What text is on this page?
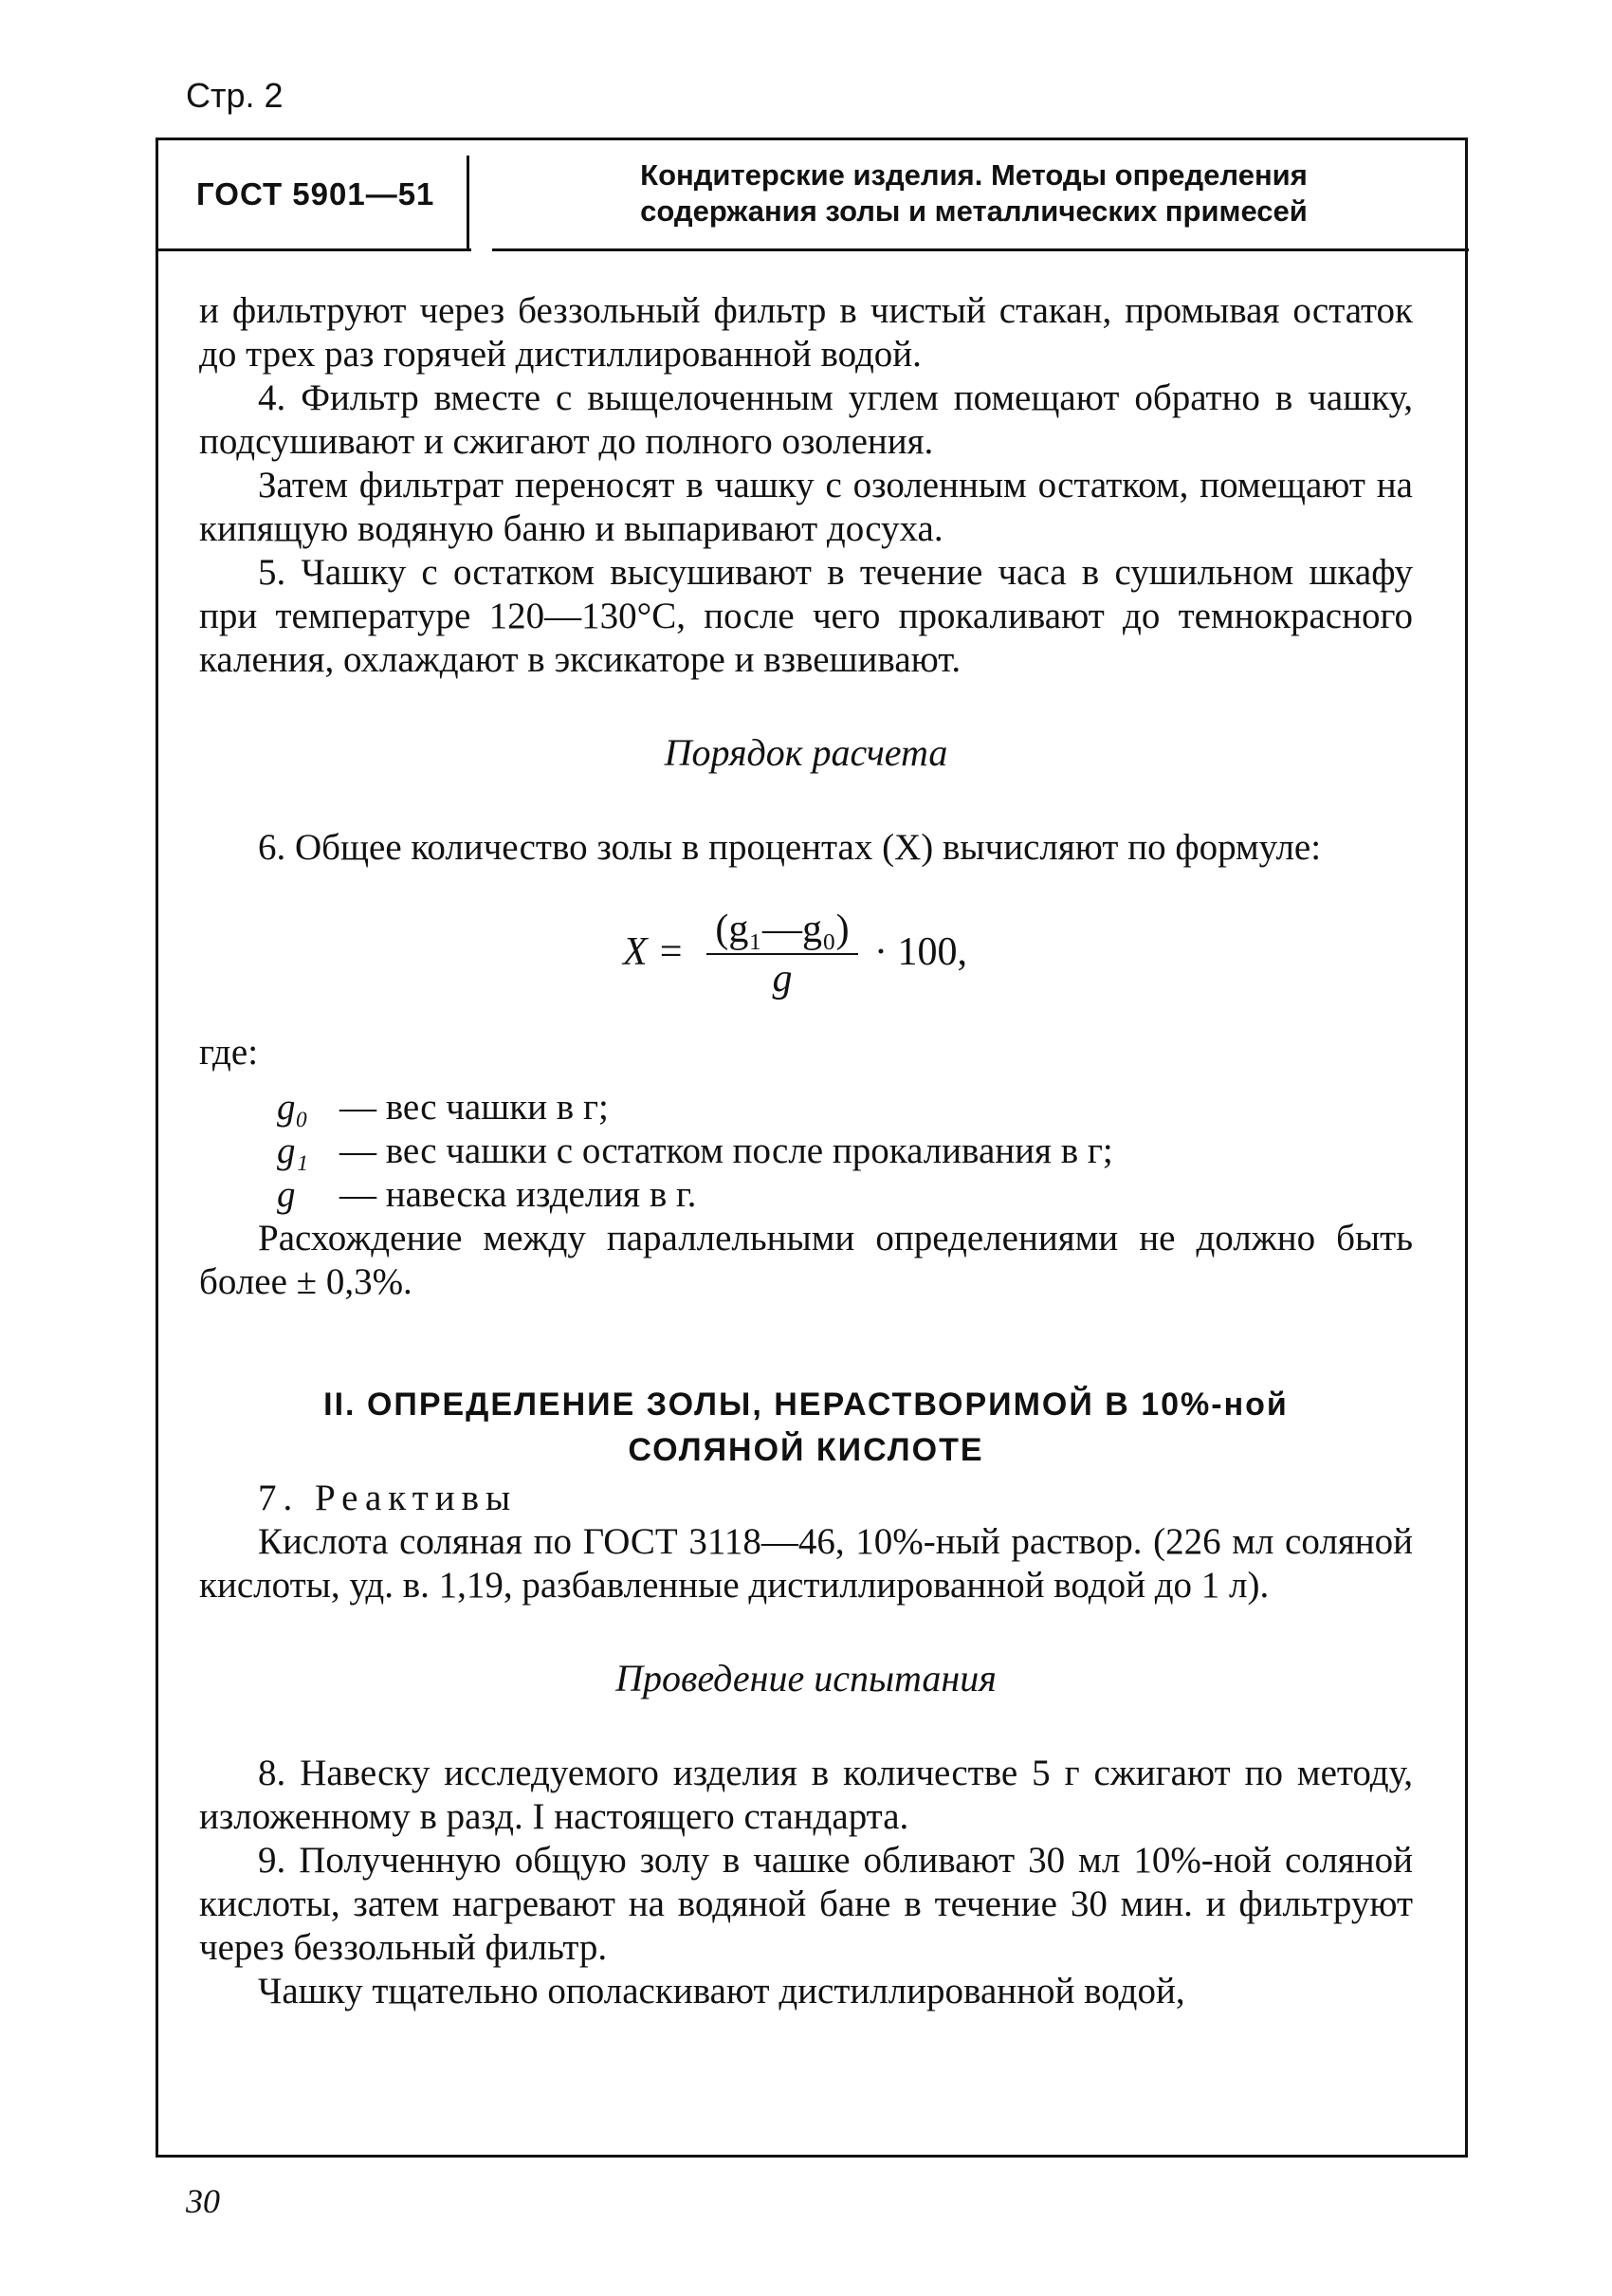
Стр. 2
ГОСТ 5901—51
Кондитерские изделия. Методы определения
содержания золы и металлических примесей

и фильтруют через беззольный фильтр в чистый стакан, промывая остаток до трех раз горячей дистиллированной водой.

4. Фильтр вместе с выщелоченным углем помещают обратно в чашку, подсушивают и сжигают до полного озоления.

Затем фильтрат переносят в чашку с озоленным остатком, помещают на кипящую водяную баню и выпаривают досуха.

5. Чашку с остатком высушивают в течение часа в сушильном шкафу при температуре 120—130°С, после чего прокаливают до темнокрасного каления, охлаждают в эксикаторе и взвешивают.

Порядок расчета

6. Общее количество золы в процентах (X) вычисляют по формуле:

$X = \frac{\text{(g₁—g₀)}}{g} \cdot 100$,

где:

g₀ — вес чашки в г;
g₁ — вес чашки с остатком после прокаливания в г;
g	— навеска изделия в г.

Расхождение между параллельными определениями не должно быть более ± 0,3%.

II. ОПРЕДЕЛЕНИЕ ЗОЛЫ, НЕРАСТВОРИМОЙ В 10%-ной
СОЛЯНОЙ КИСЛОТЕ

7. Реактивы

Кислота соляная по ГОСТ 3118—46, 10%-ный раствор. (226 мл соляной кислоты, уд. в. 1,19, разбавленные дистиллированной водой до 1 л).

Проведение испытания

8. Навеску исследуемого изделия в количестве 5 г сжигают по методу, изложенному в разд. I настоящего стандарта.

9. Полученную общую золу в чашке обливают 30 мл 10%-ной соляной кислоты, затем нагревают на водяной бане в течение 30 мин. и фильтруют через беззольный фильтр.

Чашку тщательно ополаскивают дистиллированной водой,

30
